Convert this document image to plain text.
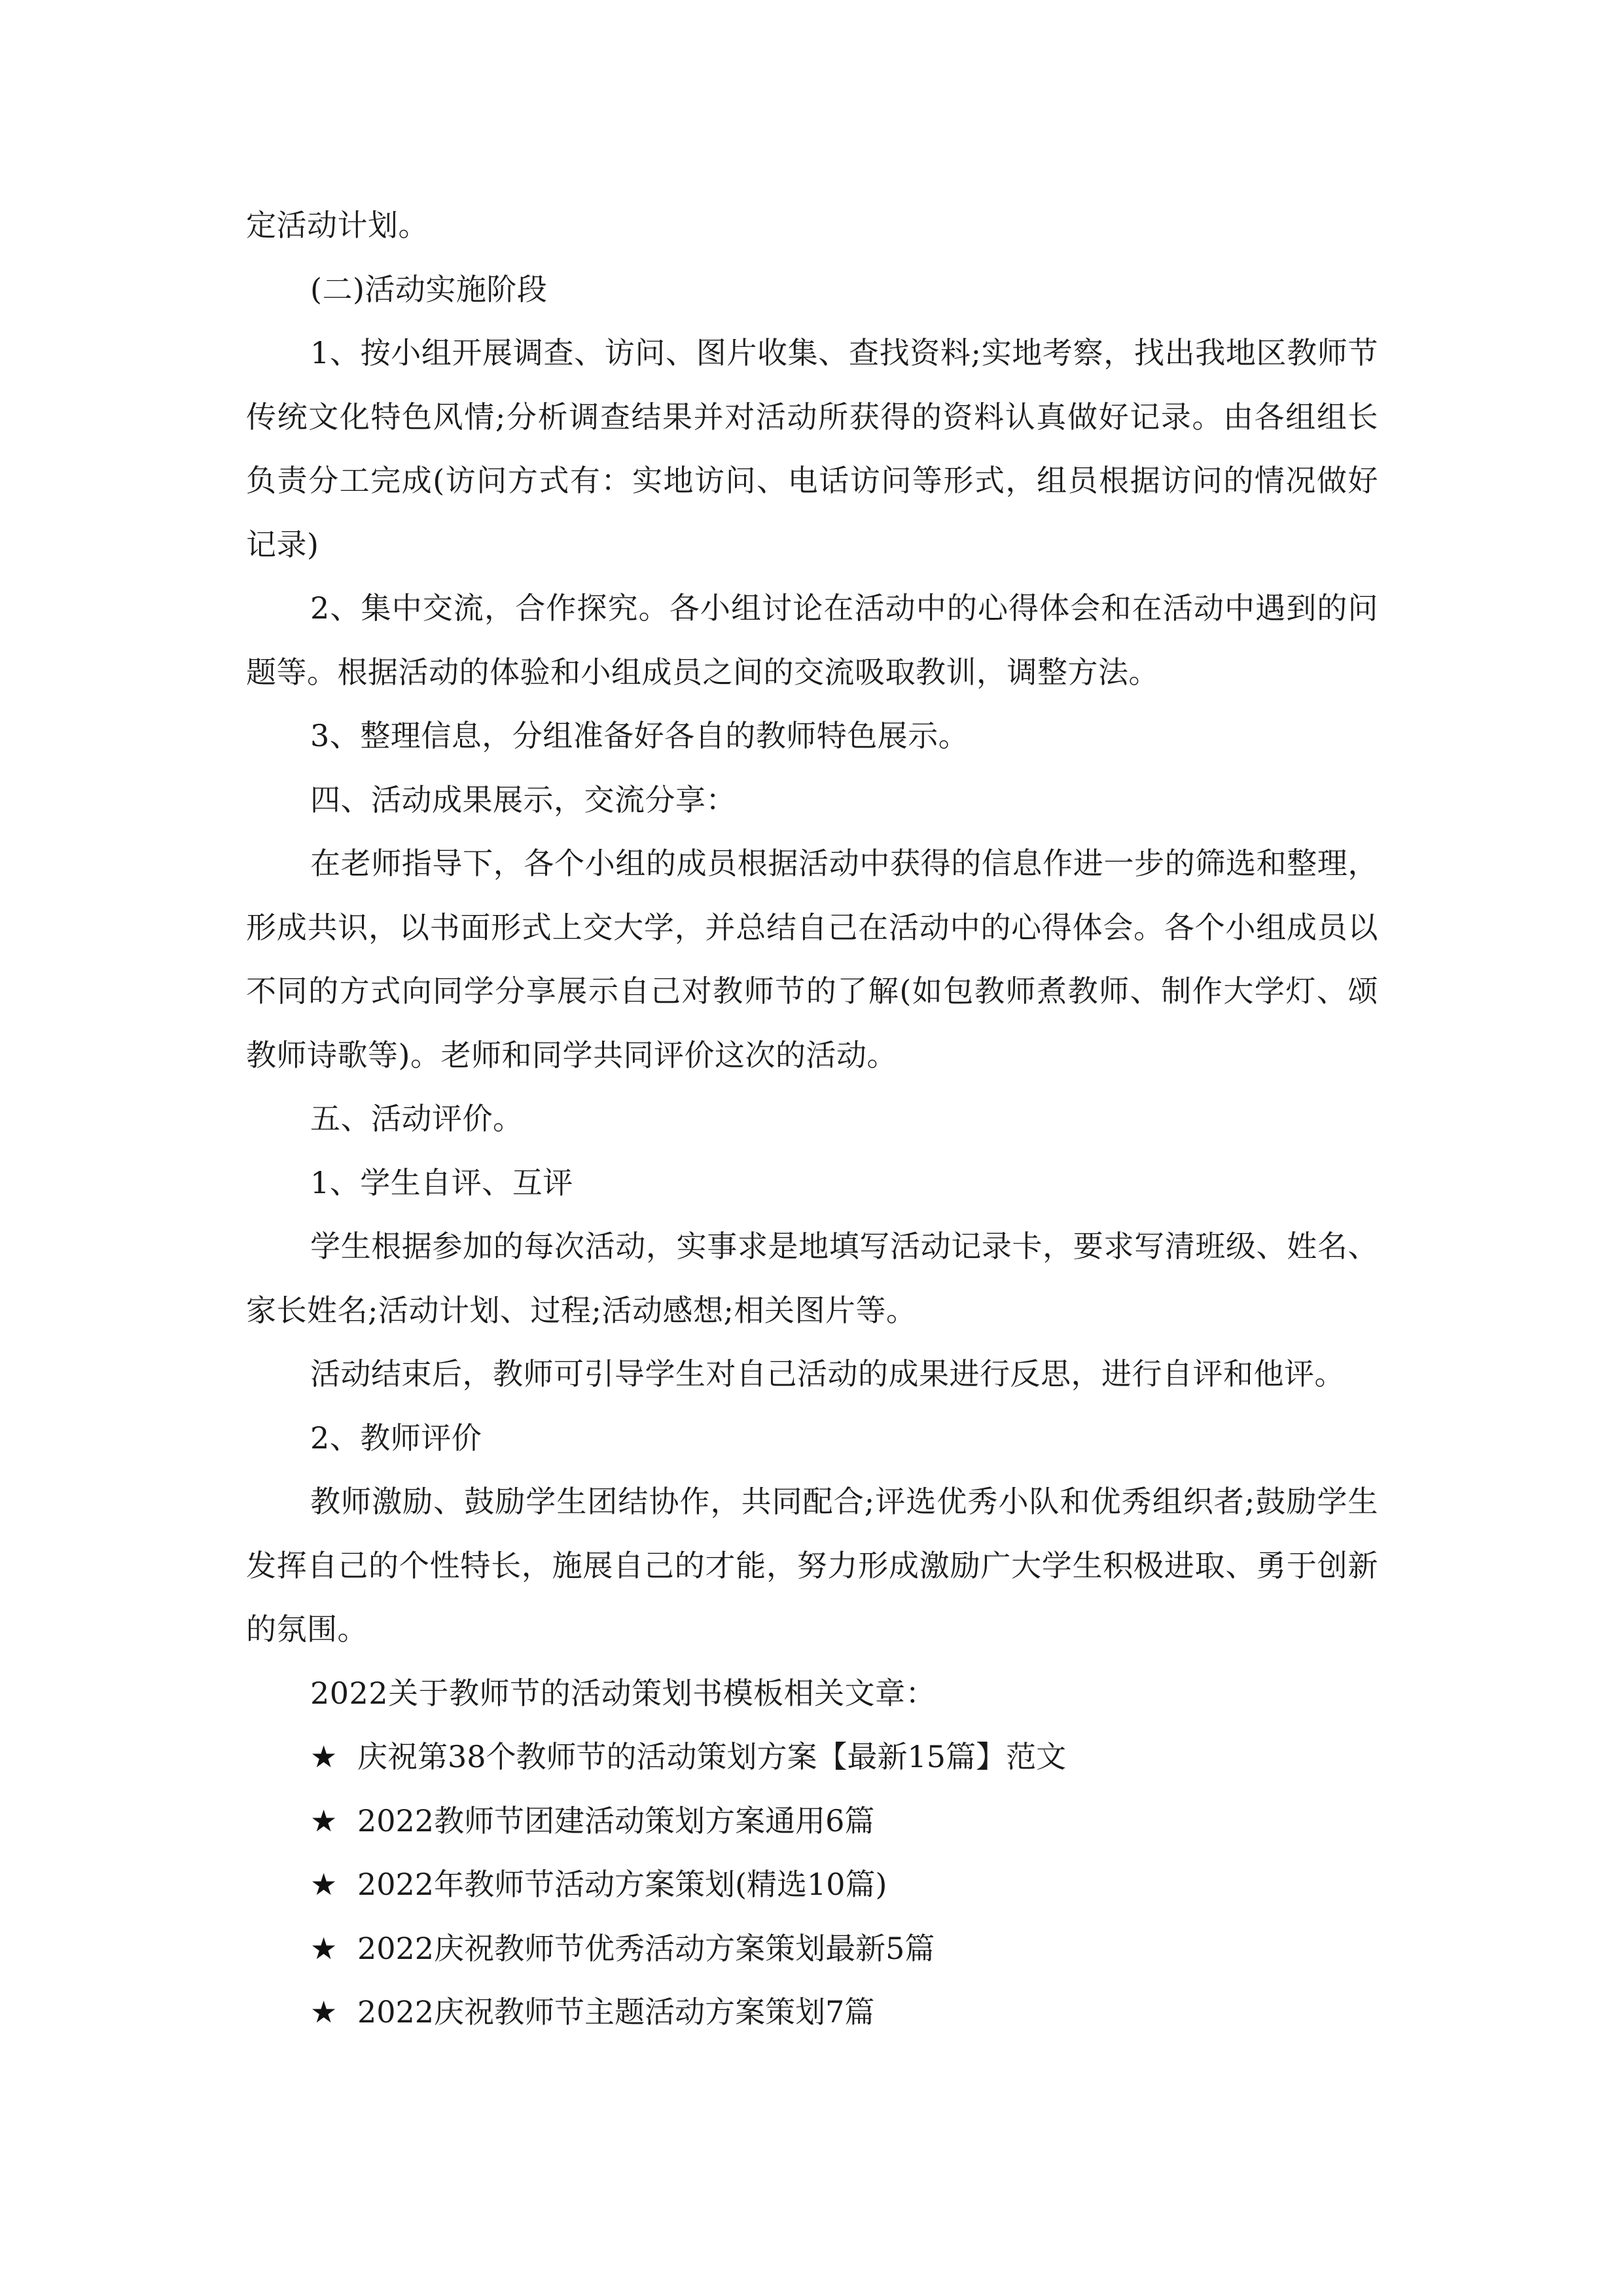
定活动计划。

(二)活动实施阶段

1、按小组开展调查、访问、图片收集、查找资料;实地考察，找出我地区教师节传统文化特色风情;分析调查结果并对活动所获得的资料认真做好记录。由各组组长负责分工完成(访问方式有：实地访问、电话访问等形式，组员根据访问的情况做好记录)

2、集中交流，合作探究。各小组讨论在活动中的心得体会和在活动中遇到的问题等。根据活动的体验和小组成员之间的交流吸取教训，调整方法。

3、整理信息，分组准备好各自的教师特色展示。

四、活动成果展示，交流分享：

在老师指导下，各个小组的成员根据活动中获得的信息作进一步的筛选和整理，形成共识，以书面形式上交大学，并总结自己在活动中的心得体会。各个小组成员以不同的方式向同学分享展示自己对教师节的了解(如包教师煮教师、制作大学灯、颂教师诗歌等)。老师和同学共同评价这次的活动。

五、活动评价。

1、学生自评、互评

学生根据参加的每次活动，实事求是地填写活动记录卡，要求写清班级、姓名、家长姓名;活动计划、过程;活动感想;相关图片等。

活动结束后，教师可引导学生对自己活动的成果进行反思，进行自评和他评。

2、教师评价

教师激励、鼓励学生团结协作，共同配合;评选优秀小队和优秀组织者;鼓励学生发挥自己的个性特长，施展自己的才能，努力形成激励广大学生积极进取、勇于创新的氛围。

2022关于教师节的活动策划书模板相关文章：

★ 庆祝第38个教师节的活动策划方案【最新15篇】范文
★ 2022教师节团建活动策划方案通用6篇
★ 2022年教师节活动方案策划(精选10篇)
★ 2022庆祝教师节优秀活动方案策划最新5篇
★ 2022庆祝教师节主题活动方案策划7篇
